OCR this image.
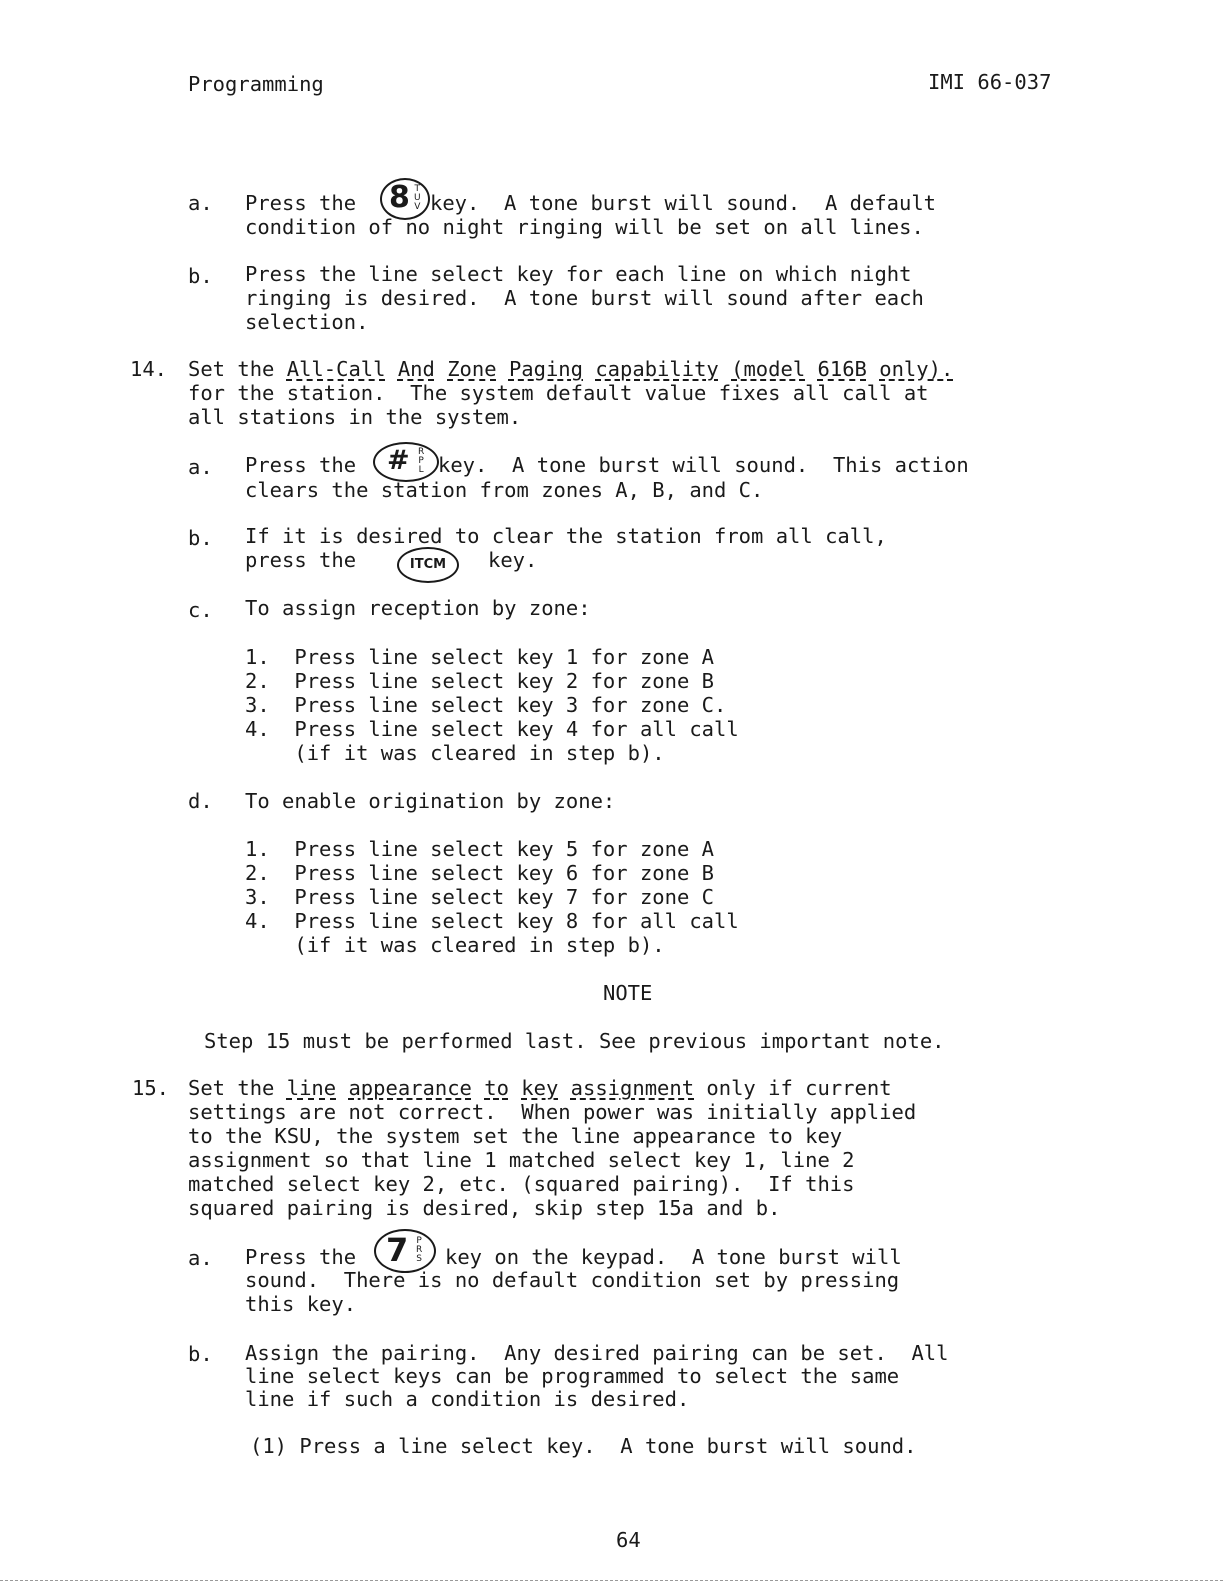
Programming	IMI 66-037
a. Press the 8 T
U
V key.  A tone burst will sound.  A default
condition of no night ringing will be set on all lines.
b. Press the line select key for each line on which night
ringing is desired.  A tone burst will sound after each
selection.
14. Set the All-Call And Zone Paging capability (model 616B only).
for the station.  The system default value fixes all call at
all stations in the system.
a. Press the # R
P
L key.  A tone burst will sound.  This action
clears the station from zones A, B, and C.
b. If it is desired to clear the station from all call,
press the	ITCM	key.
c. To assign reception by zone:
1.  Press line select key 1 for zone A
2.  Press line select key 2 for zone B
3.  Press line select key 3 for zone C.
4.  Press line select key 4 for all call
(if it was cleared in step b).
d. To enable origination by zone:
1.  Press line select key 5 for zone A
2.  Press line select key 6 for zone B
3.  Press line select key 7 for zone C
4.  Press line select key 8 for all call
(if it was cleared in step b).
NOTE
Step 15 must be performed last. See previous important note.
15. Set the line appearance to key assignment only if current
settings are not correct.  When power was initially applied
to the KSU, the system set the line appearance to key
assignment so that line 1 matched select key 1, line 2
matched select key 2, etc. (squared pairing).  If this
squared pairing is desired, skip step 15a and b.
a. Press the 7 P
R
S key on the keypad.  A tone burst will
sound.  There is no default condition set by pressing
this key.
b. Assign the pairing.  Any desired pairing can be set.  All
line select keys can be programmed to select the same
line if such a condition is desired.
(1) Press a line select key.  A tone burst will sound.
64
